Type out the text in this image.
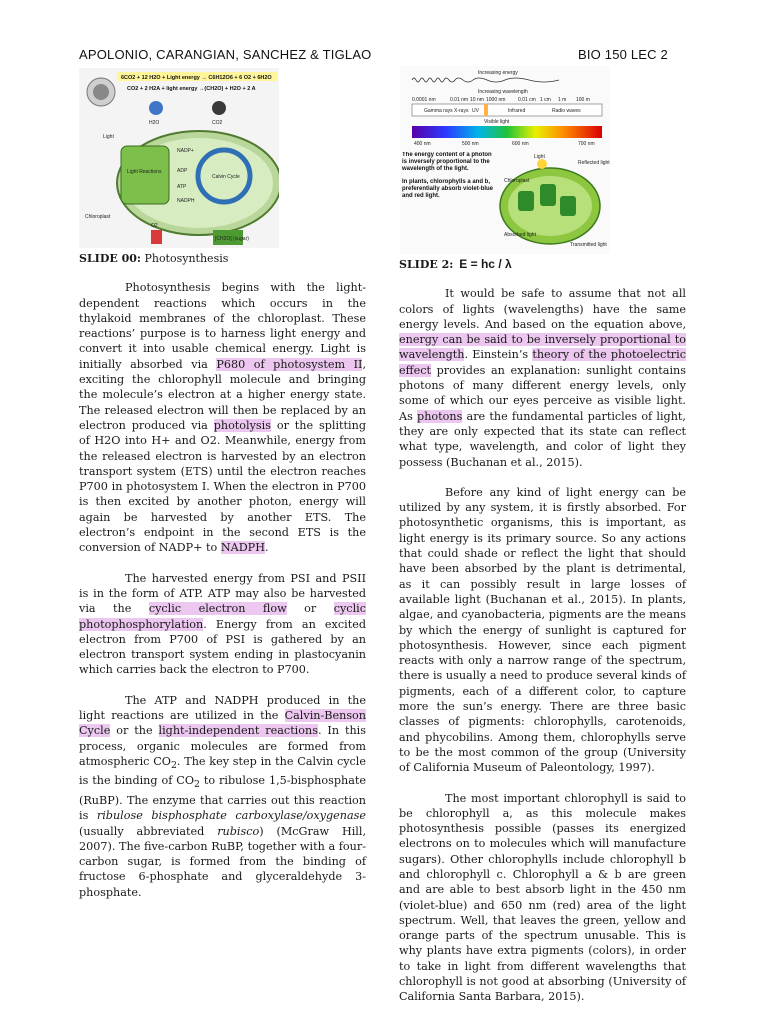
APOLONIO, CARANGIAN, SANCHEZ & TIGLAO	BIO 150 LEC 2
6CO2 + 12 H2O + Light energy → C6H12O6 + 6 O2 + 6H2O
CO2 + 2 H2A + light energy →(CH2O) + H2O + 2 A
Light Reactions
Calvin Cycle
H2O	CO2
Light
NADP+
ADP
ATP
NADPH
O2
[CH2O] (sugar)
Chloroplast
Increasing energy
Increasing wavelength
0.0001 nm	0.01 nm 10 nm 1000 nm	0.01 cm 1 cm 1 m 100 m
Gamma rays X-rays UV	Infrared	Radio waves
Visible light
400 nm	500 nm	600 nm	700 nm
The energy content of a photon is inversely proportional to the wavelength of the light.
In plants, chlorophylls a and b, preferentially absorb violet-blue and red light.
Light
Reflected light
Chloroplast
Absorbed light
Transmitted light
SLIDE 00: Photosynthesis

Photosynthesis begins with the light-dependent reactions which occurs in the thylakoid membranes of the chloroplast. These reactions’ purpose is to harness light energy and convert it into usable chemical energy. Light is initially absorbed via P680 of photosystem II, exciting the chlorophyll molecule and bringing the molecule’s electron at a higher energy state. The released electron will then be replaced by an electron produced via photolysis or the splitting of H2O into H+ and O2. Meanwhile, energy from the released electron is harvested by an electron transport system (ETS) until the electron reaches P700 in photosystem I. When the electron in P700 is then excited by another photon, energy will again be harvested by another ETS. The electron’s endpoint in the second ETS is the conversion of NADP+ to NADPH.

The harvested energy from PSI and PSII is in the form of ATP. ATP may also be harvested via the cyclic electron flow or cyclic photophosphorylation. Energy from an excited electron from P700 of PSI is gathered by an electron transport system ending in plastocyanin which carries back the electron to P700.

The ATP and NADPH produced in the light reactions are utilized in the Calvin-Benson Cycle or the light-independent reactions. In this process, organic molecules are formed from atmospheric $CO_2$. The key step in the Calvin cycle is the binding of $CO_2$ to ribulose 1,5-bisphosphate (RuBP). The enzyme that carries out this reaction is ribulose bisphosphate carboxylase/oxygenase (usually abbreviated rubisco) (McGraw Hill, 2007). The five-carbon RuBP, together with a four-carbon sugar, is formed from the binding of fructose 6-phosphate and glyceraldehyde 3-phosphate.

SLIDE 2: E = hc / λ

It would be safe to assume that not all colors of lights (wavelengths) have the same energy levels. And based on the equation above, energy can be said to be inversely proportional to wavelength. Einstein’s theory of the photoelectric effect provides an explanation: sunlight contains photons of many different energy levels, only some of which our eyes perceive as visible light. As photons are the fundamental particles of light, they are only expected that its state can reflect what type, wavelength, and color of light they possess (Buchanan et al., 2015).

Before any kind of light energy can be utilized by any system, it is firstly absorbed. For photosynthetic organisms, this is important, as light energy is its primary source. So any actions that could shade or reflect the light that should have been absorbed by the plant is detrimental, as it can possibly result in large losses of available light (Buchanan et al., 2015). In plants, algae, and cyanobacteria, pigments are the means by which the energy of sunlight is captured for photosynthesis. However, since each pigment reacts with only a narrow range of the spectrum, there is usually a need to produce several kinds of pigments, each of a different color, to capture more the sun’s energy. There are three basic classes of pigments: chlorophylls, carotenoids, and phycobilins. Among them, chlorophylls serve to be the most common of the group (University of California Museum of Paleontology, 1997).

The most important chlorophyll is said to be chlorophyll a, as this molecule makes photosynthesis possible (passes its energized electrons on to molecules which will manufacture sugars). Other chlorophylls include chlorophyll b and chlorophyll c. Chlorophyll a & b are green and are able to best absorb light in the 450 nm (violet-blue) and 650 nm (red) area of the light spectrum. Well, that leaves the green, yellow and orange parts of the spectrum unusable. This is why plants have extra pigments (colors), in order to take in light from different wavelengths that chlorophyll is not good at absorbing (University of California Santa Barbara, 2015).
